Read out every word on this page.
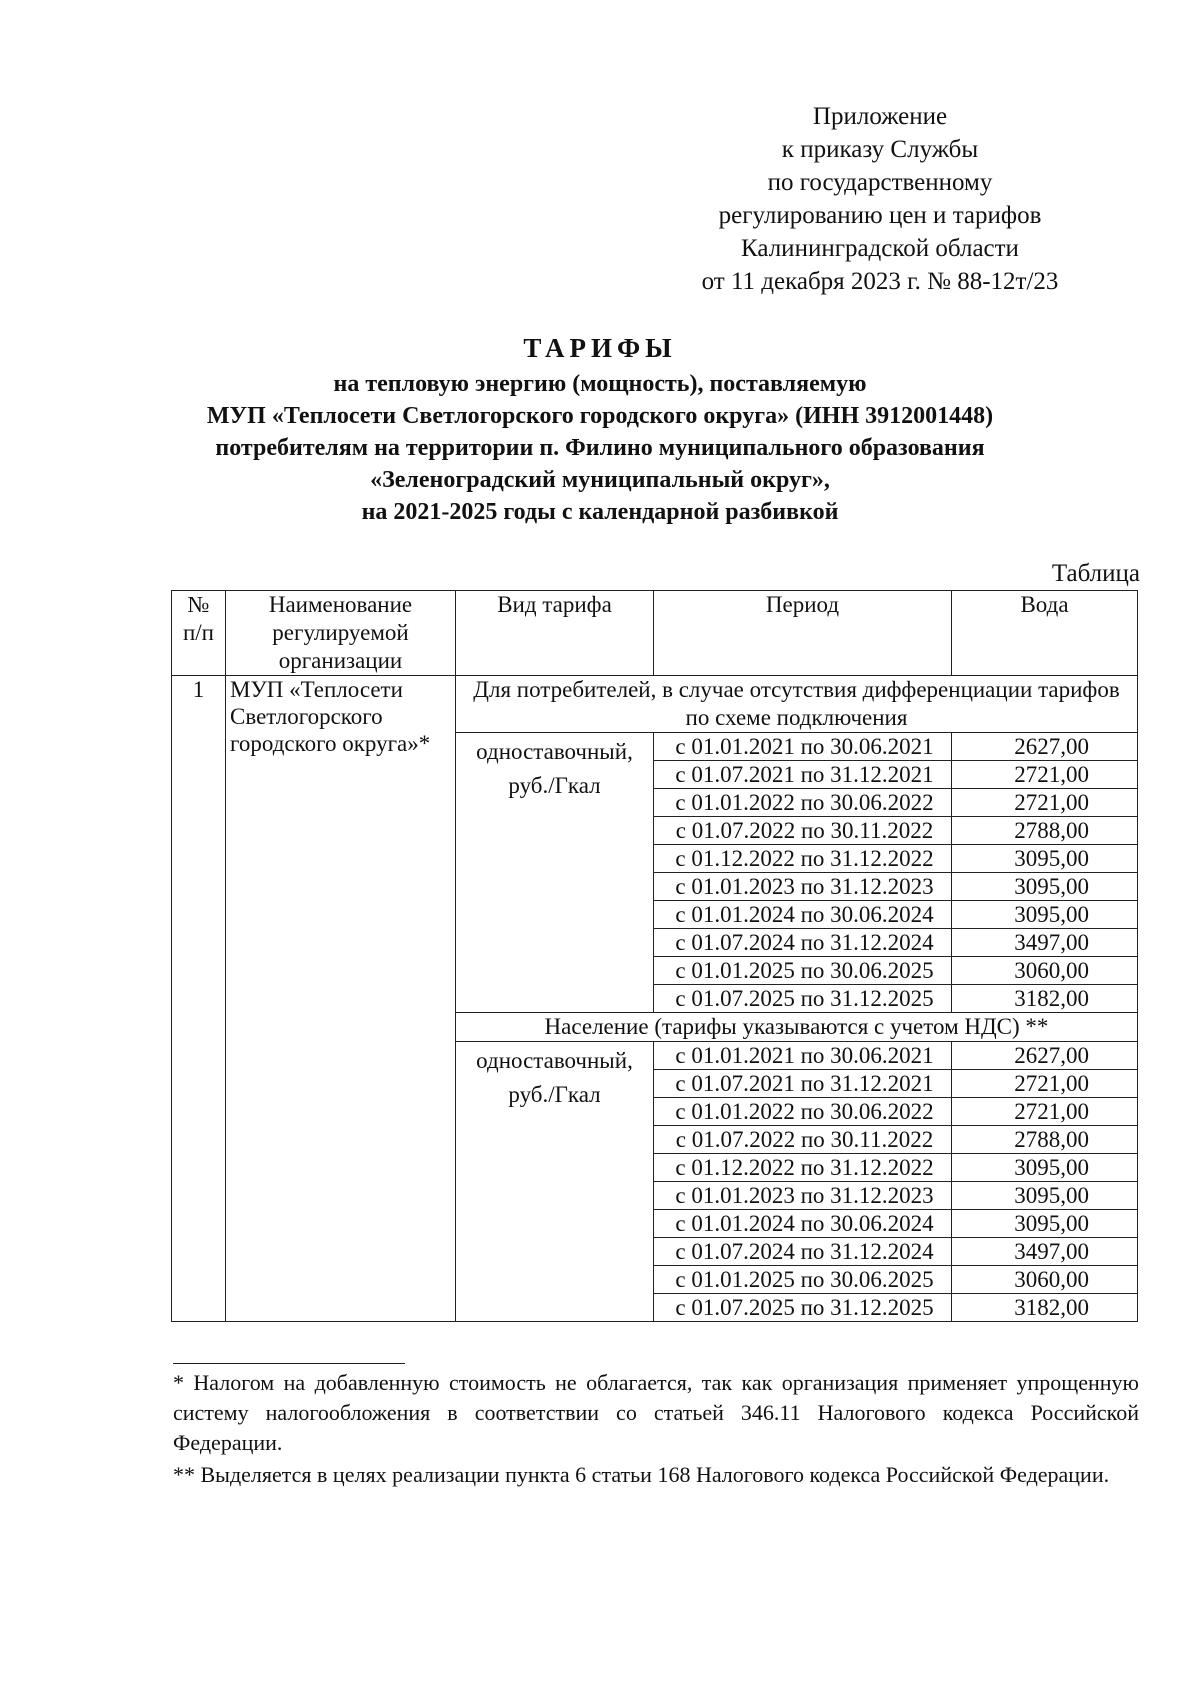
Приложение
к приказу Службы
по государственному
регулированию цен и тарифов
Калининградской области
от 11 декабря 2023 г. № 88-12т/23
ТАРИФЫ
на тепловую энергию (мощность), поставляемую
МУП «Теплосети Светлогорского городского округа» (ИНН 3912001448)
потребителям на территории п. Филино муниципального образования
«Зеленоградский муниципальный округ»,
на 2021-2025 годы с календарной разбивкой
Таблица
№ п/п	Наименование регулируемой организации	Вид тарифа	Период	Вода
1	МУП «Теплосети Светлогорского городского округа»*	Для потребителей, в случае отсутствия дифференциации тарифов по схеме подключения		
		одноставочный, руб./Гкал	с 01.01.2021 по 30.06.2021	2627,00
			с 01.07.2021 по 31.12.2021	2721,00
			с 01.01.2022 по 30.06.2022	2721,00
			с 01.07.2022 по 30.11.2022	2788,00
			с 01.12.2022 по 31.12.2022	3095,00
			с 01.01.2023 по 31.12.2023	3095,00
			с 01.01.2024 по 30.06.2024	3095,00
			с 01.07.2024 по 31.12.2024	3497,00
			с 01.01.2025 по 30.06.2025	3060,00
			с 01.07.2025 по 31.12.2025	3182,00
		Население (тарифы указываются с учетом НДС) **		
		одноставочный, руб./Гкал	с 01.01.2021 по 30.06.2021	2627,00
			с 01.07.2021 по 31.12.2021	2721,00
			с 01.01.2022 по 30.06.2022	2721,00
			с 01.07.2022 по 30.11.2022	2788,00
			с 01.12.2022 по 31.12.2022	3095,00
			с 01.01.2023 по 31.12.2023	3095,00
			с 01.01.2024 по 30.06.2024	3095,00
			с 01.07.2024 по 31.12.2024	3497,00
			с 01.01.2025 по 30.06.2025	3060,00
			с 01.07.2025 по 31.12.2025	3182,00

* Налогом на добавленную стоимость не облагается, так как организация применяет упрощенную систему налогообложения в соответствии со статьей 346.11 Налогового кодекса Российской Федерации.

** Выделяется в целях реализации пункта 6 статьи 168 Налогового кодекса Российской Федерации.
